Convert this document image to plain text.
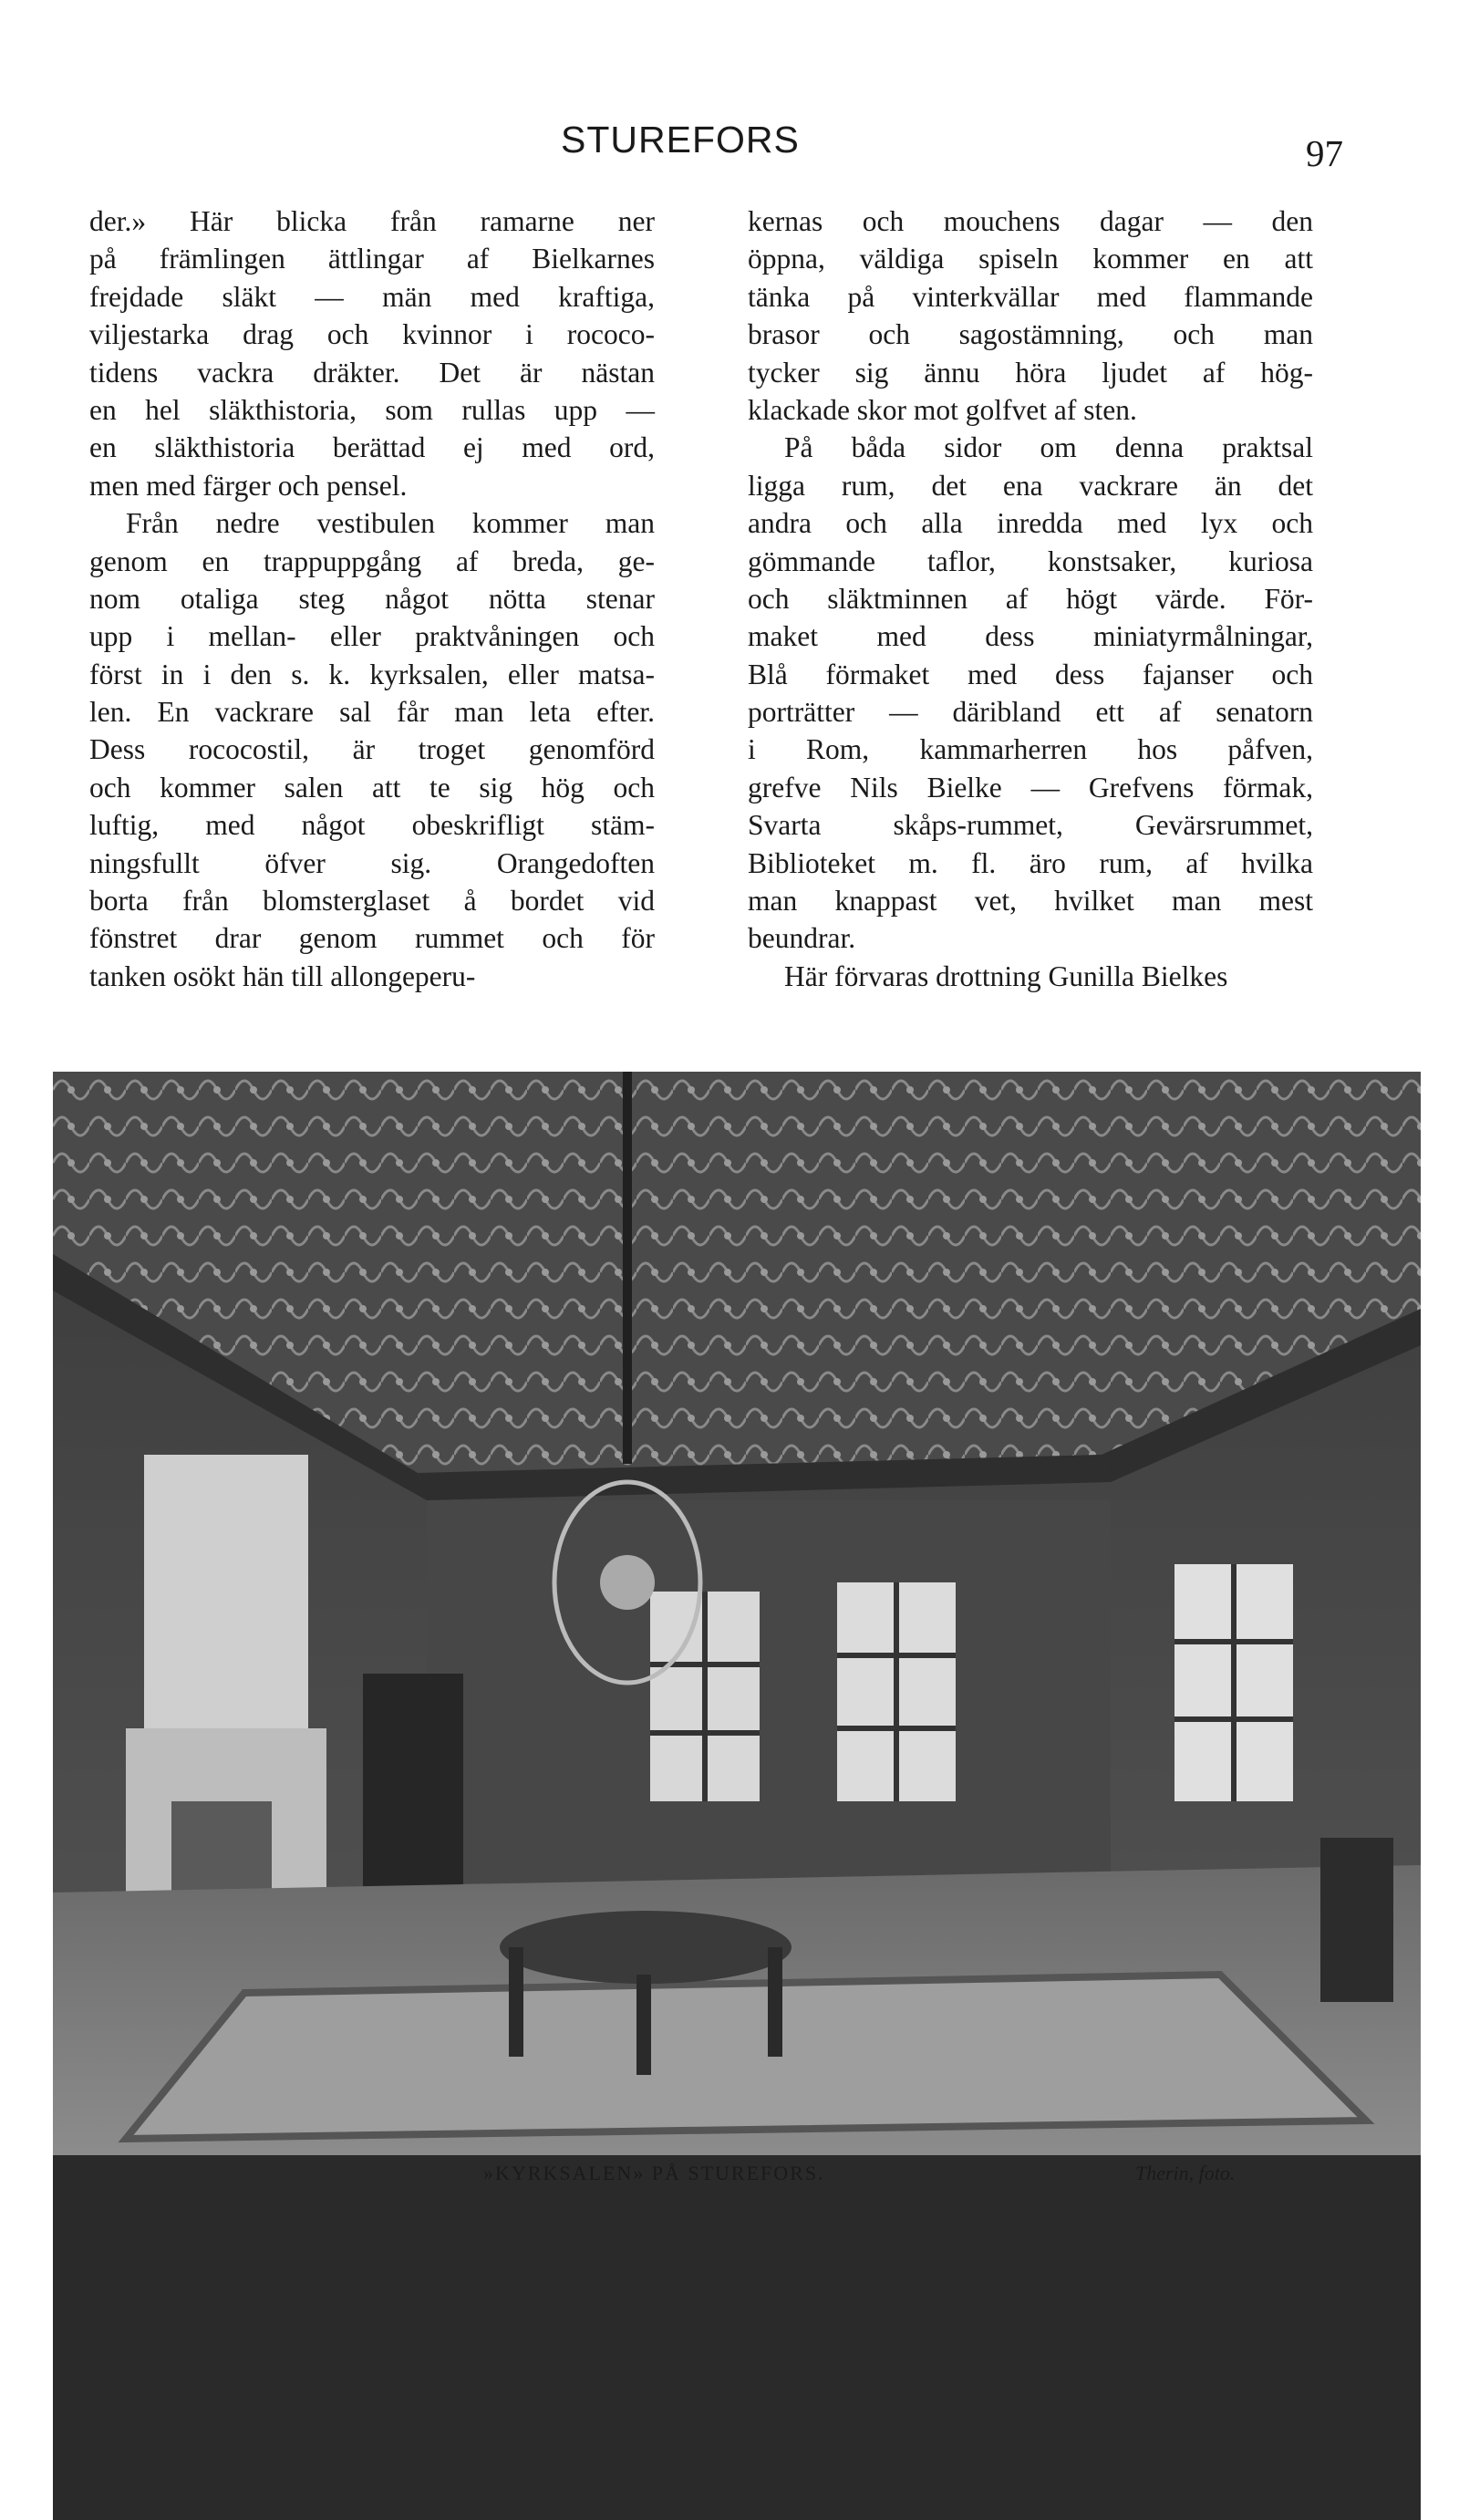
STUREFORS	97

der.» Här blicka från ramarne ner
på främlingen ättlingar af Bielkarnes
frejdade släkt — män med kraftiga,
viljestarka drag och kvinnor i rococo-
tidens vackra dräkter. Det är nästan
en hel släkthistoria, som rullas upp —
en släkthistoria berättad ej med ord,
men med färger och pensel.

Från nedre vestibulen kommer man
genom en trappuppgång af breda, ge-
nom otaliga steg något nötta stenar
upp i mellan- eller praktvåningen och
först in i den s. k. kyrksalen, eller matsa-
len. En vackrare sal får man leta efter.
Dess rococostil, är troget genomförd
och kommer salen att te sig hög och
luftig, med något obeskrifligt stäm-
ningsfullt öfver sig. Orangedoften
borta från blomsterglaset å bordet vid
fönstret drar genom rummet och för
tanken osökt hän till allongeperu-

kernas och mouchens dagar — den
öppna, väldiga spiseln kommer en att
tänka på vinterkvällar med flammande
brasor och sagostämning, och man
tycker sig ännu höra ljudet af hög-
klackade skor mot golfvet af sten.

På båda sidor om denna praktsal
ligga rum, det ena vackrare än det
andra och alla inredda med lyx och
gömmande taflor, konstsaker, kuriosa
och släktminnen af högt värde. För-
maket med dess miniatyrmålningar,
Blå förmaket med dess fajanser och
porträtter — däribland ett af senatorn
i Rom, kammarherren hos påfven,
grefve Nils Bielke — Grefvens förmak,
Svarta skåps-rummet, Gevärsrummet,
Biblioteket m. fl. äro rum, af hvilka
man knappast vet, hvilket man mest
beundrar.

Här förvaras drottning Gunilla Bielkes

»KYRKSALEN» PÅ STUREFORS.	Therin, foto.
